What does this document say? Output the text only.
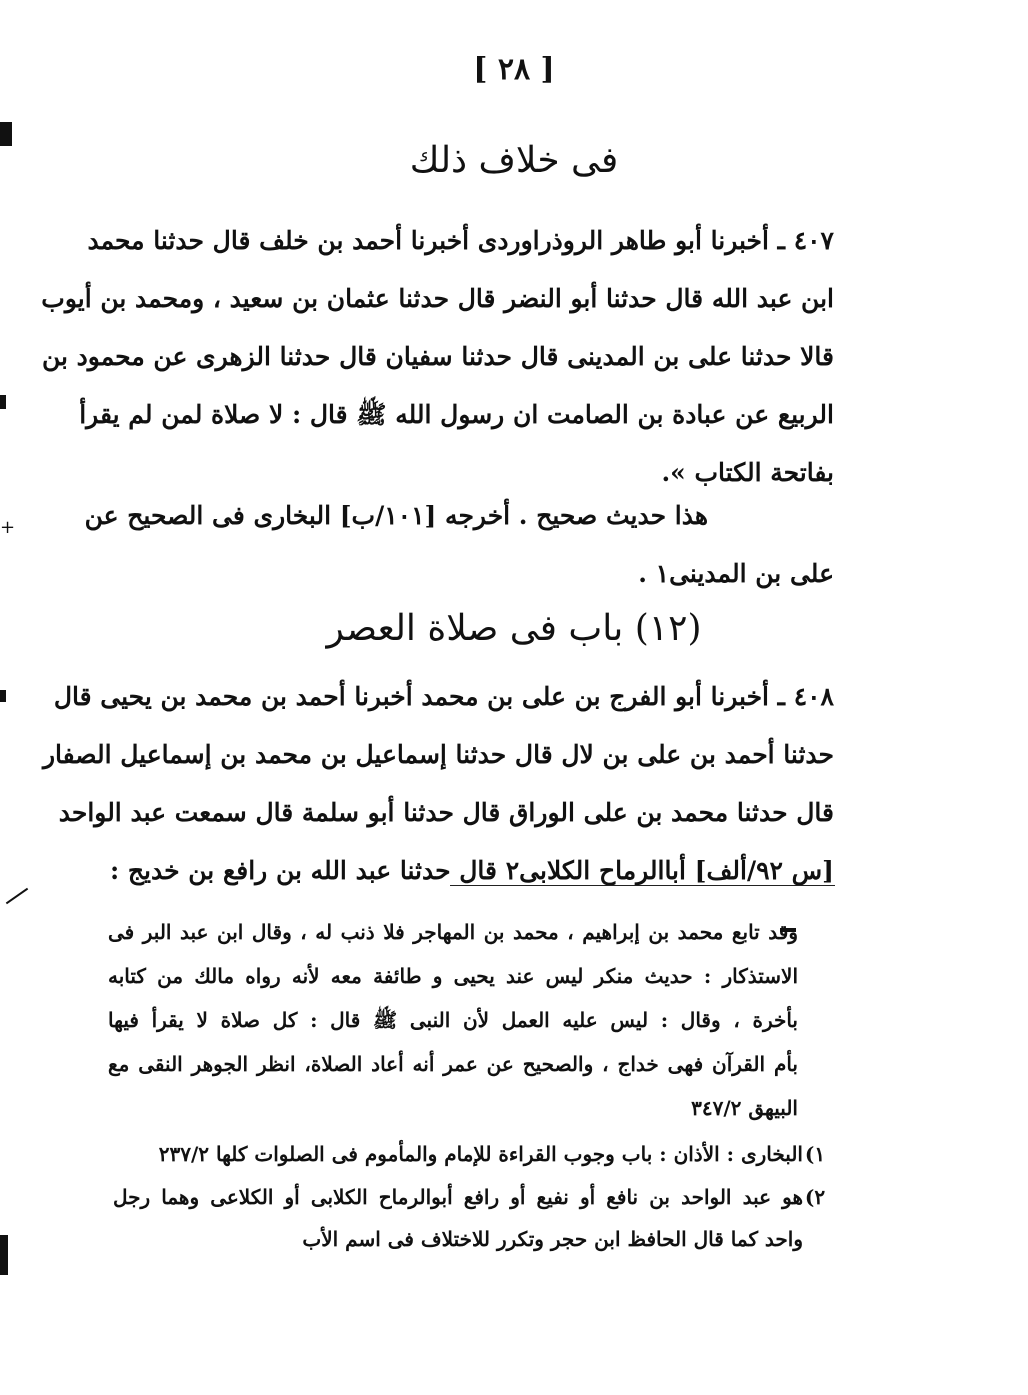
+
[ ٢٨ ]
فى خلاف ذلك
٤٠٧ ـ أخبرنا أبو طاهر الروذراوردى أخبرنا أحمد بن خلف قال حدثنا محمد
ابن عبد الله قال حدثنا أبو النضر قال حدثنا عثمان بن سعيد ، ومحمد بن أيوب
قالا حدثنا على بن المدينى قال حدثنا سفيان قال حدثنا الزهرى عن محمود بن
الربيع عن عبادة بن الصامت ان رسول الله ﷺ قال : لا صلاة لمن لم يقرأ
بفاتحة الكتاب ».
هذا حديث صحيح . أخرجه [١٠١/ب] البخارى فى الصحيح عن
على بن المدينى١ .
(١٢) باب فى صلاة العصر
٤٠٨ ـ أخبرنا أبو الفرج بن على بن محمد أخبرنا أحمد بن محمد بن يحيى قال
حدثنا أحمد بن على بن لال قال حدثنا إسماعيل بن محمد بن إسماعيل الصفار
قال حدثنا محمد بن على الوراق قال حدثنا أبو سلمة قال سمعت عبد الواحد
[س ٩٢/ألف] أباالرماح الكلابى٢ قال حدثنا عبد الله بن رافع بن خديج :
وقد تابع محمد بن إبراهيم ، محمد بن المهاجر فلا ذنب له ، وقال ابن عبد البر فى
الاستذكار : حديث منكر ليس عند يحيى و طائفة معه لأنه رواه مالك من كتابه
بأخرة ، وقال : ليس عليه العمل لأن النبى ﷺ قال : كل صلاة لا يقرأ فيها
بأم القرآن فهى خداج ، والصحيح عن عمر أنه أعاد الصلاة، انظر الجوهر النقى مع
البيهق ٣٤٧/٢
١)
البخارى : الأذان : باب وجوب القراءة للإمام والمأموم فى الصلوات كلها ٢٣٧/٢
٢)
هو عبد الواحد بن نافع أو نفيع أو رافع أبوالرماح الكلابى أو الكلاعى وهما رجل
واحد كما قال الحافظ ابن حجر وتكرر للاختلاف فى اسم الأب
